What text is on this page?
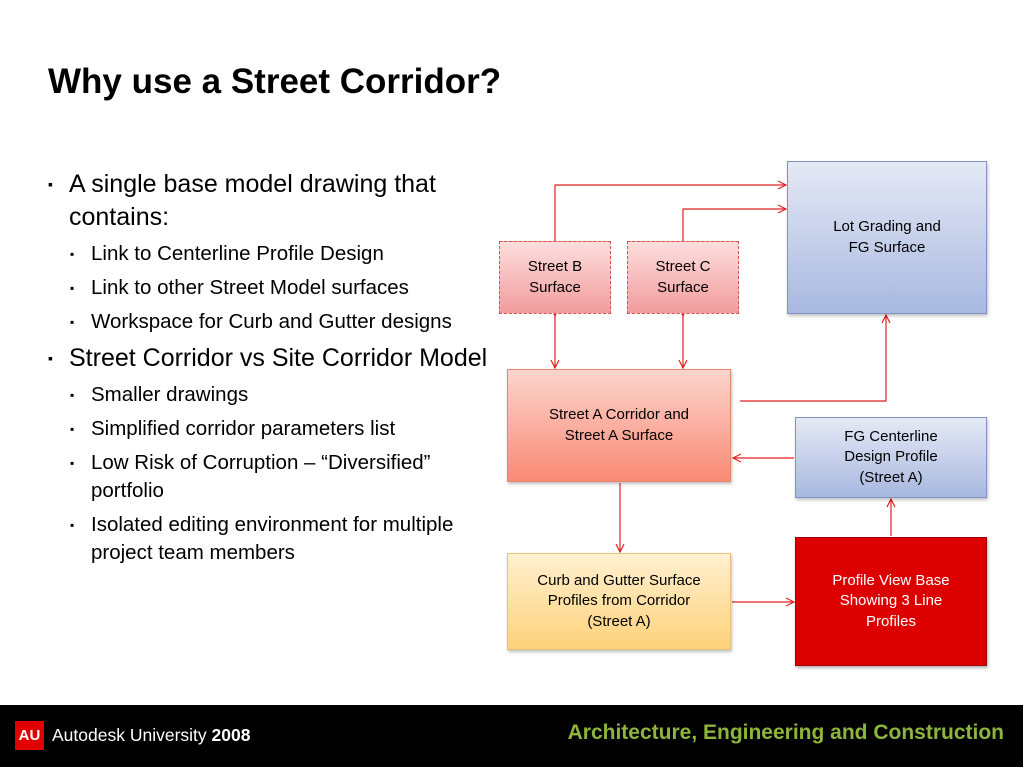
Why use a Street Corridor?
▪ A single base model drawing that contains:
▪ Link to Centerline Profile Design
▪ Link to other Street Model surfaces
▪ Workspace for Curb and Gutter designs
▪ Street Corridor vs Site Corridor Model
▪ Smaller drawings
▪ Simplified corridor parameters list
▪ Low Risk of Corruption – “Diversified” portfolio
▪ Isolated editing environment for multiple project team members
Lot Grading and
FG Surface
Street B
Surface
Street C
Surface
Street A Corridor and
Street A Surface	FG Centerline
Design Profile
(Street A)
Curb and Gutter Surface
Profiles from Corridor
(Street A)
Profile View Base
Showing 3 Line
Profiles
AU Autodesk University 2008	Architecture, Engineering and Construction
